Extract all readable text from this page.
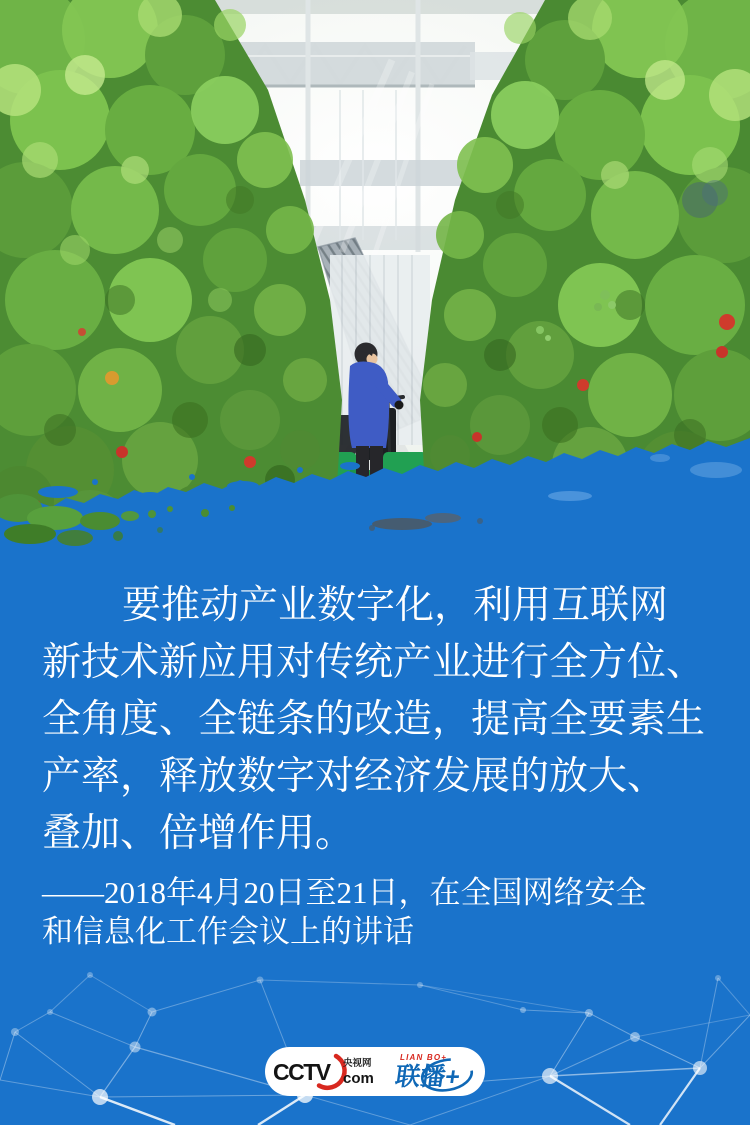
要推动产业数字化，利用互联网
新技术新应用对传统产业进行全方位、
全角度、全链条的改造，提高全要素生
产率，释放数字对经济发展的放大、
叠加、倍增作用。
——2018年4月20日至21日，在全国网络安全
和信息化工作会议上的讲话
CCTV 央视网
com
LIAN BO+
联播+
